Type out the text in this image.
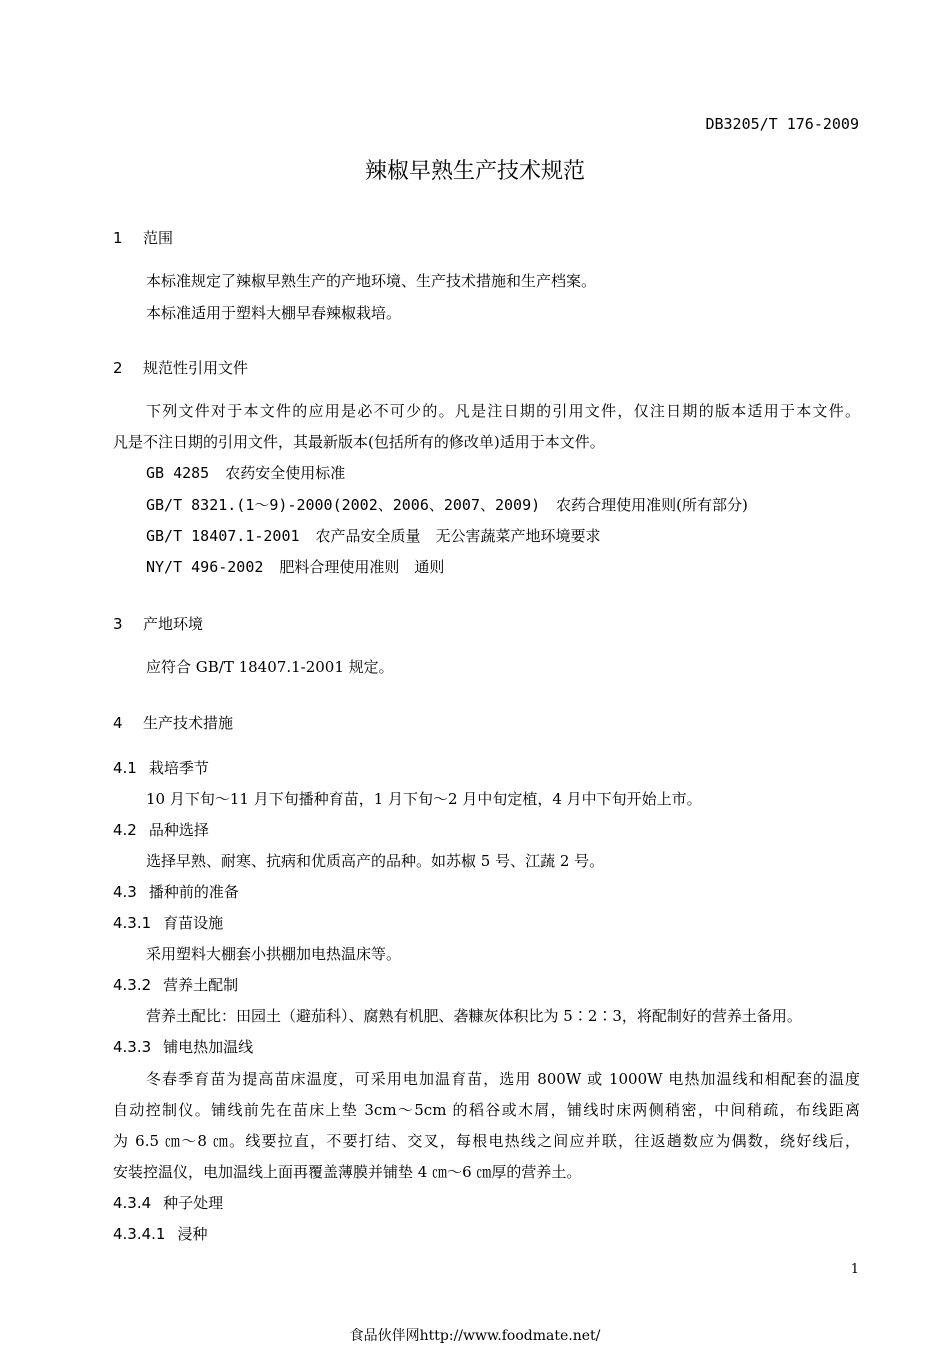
DB3205/T 176-2009
辣椒早熟生产技术规范
1 范围
本标准规定了辣椒早熟生产的产地环境、生产技术措施和生产档案。
本标准适用于塑料大棚早春辣椒栽培。
2 规范性引用文件
下列文件对于本文件的应用是必不可少的。凡是注日期的引用文件，仅注日期的版本适用于本文件。
凡是不注日期的引用文件，其最新版本(包括所有的修改单)适用于本文件。
GB 4285 农药安全使用标准
GB/T 8321.(1～9)-2000(2002、2006、2007、2009) 农药合理使用准则(所有部分)
GB/T 18407.1-2001 农产品安全质量　无公害蔬菜产地环境要求
NY/T 496-2002 肥料合理使用准则　通则
3 产地环境
应符合 GB/T 18407.1-2001 规定。
4 生产技术措施
4.1 栽培季节
10 月下旬～11 月下旬播种育苗，1 月下旬～2 月中旬定植，4 月中下旬开始上市。
4.2 品种选择
选择早熟、耐寒、抗病和优质高产的品种。如苏椒 5 号、江蔬 2 号。
4.3 播种前的准备
4.3.1 育苗设施
采用塑料大棚套小拱棚加电热温床等。
4.3.2 营养土配制
营养土配比：田园土（避茄科）、腐熟有机肥、砻糠灰体积比为 5∶2∶3，将配制好的营养土备用。
4.3.3 铺电热加温线
冬春季育苗为提高苗床温度，可采用电加温育苗，选用 800W 或 1000W 电热加温线和相配套的温度
自动控制仪。铺线前先在苗床上垫 3cm～5cm 的稻谷或木屑，铺线时床两侧稍密，中间稍疏，布线距离
为 6.5 ㎝～8 ㎝。线要拉直，不要打结、交叉，每根电热线之间应并联，往返趟数应为偶数，绕好线后，
安装控温仪，电加温线上面再覆盖薄膜并铺垫 4 ㎝～6 ㎝厚的营养土。
4.3.4 种子处理
4.3.4.1 浸种
1
食品伙伴网http://www.foodmate.net/
